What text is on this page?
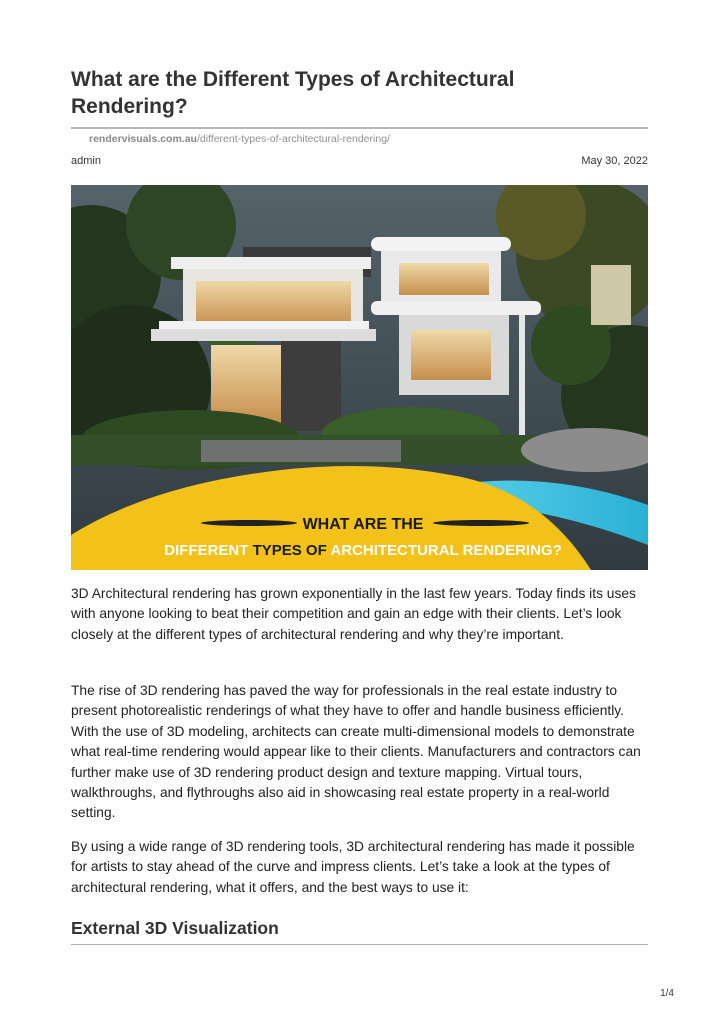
What are the Different Types of Architectural Rendering?
rendervisuals.com.au/different-types-of-architectural-rendering/
admin	May 30, 2022
WHAT ARE THE
DIFFERENT TYPES OF ARCHITECTURAL RENDERING?

3D Architectural rendering has grown exponentially in the last few years. Today finds its uses with anyone looking to beat their competition and gain an edge with their clients. Let’s look closely at the different types of architectural rendering and why they’re important.

The rise of 3D rendering has paved the way for professionals in the real estate industry to present photorealistic renderings of what they have to offer and handle business efficiently. With the use of 3D modeling, architects can create multi-dimensional models to demonstrate what real-time rendering would appear like to their clients. Manufacturers and contractors can further make use of 3D rendering product design and texture mapping. Virtual tours, walkthroughs, and flythroughs also aid in showcasing real estate property in a real-world setting.

By using a wide range of 3D rendering tools, 3D architectural rendering has made it possible for artists to stay ahead of the curve and impress clients. Let’s take a look at the types of architectural rendering, what it offers, and the best ways to use it:

External 3D Visualization
1/4
